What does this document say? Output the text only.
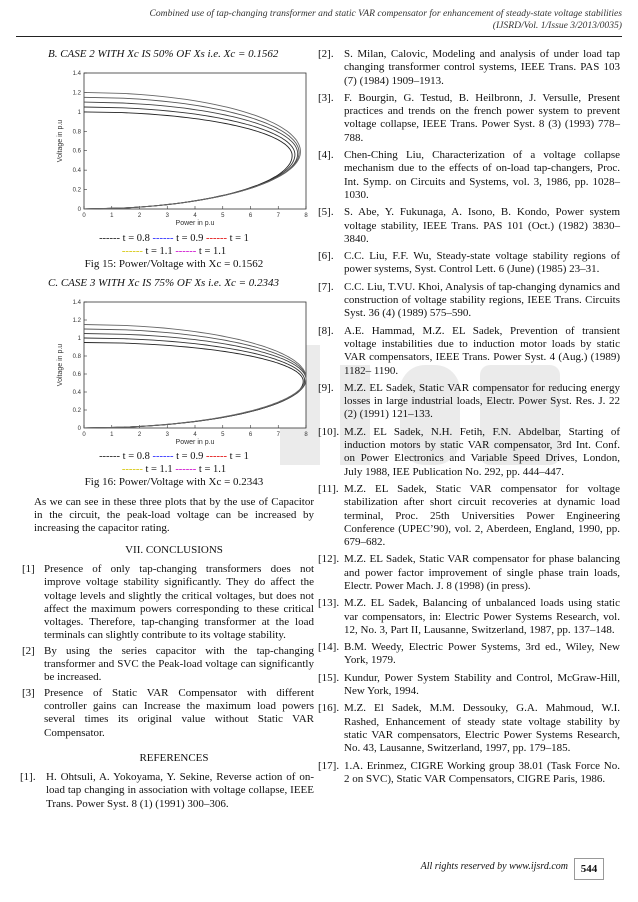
Combined use of tap-changing transformer and static VAR compensator for enhancement of steady-state voltage stabilities
(IJSRD/Vol. 1/Issue 3/2013/0035)
B. CASE 2 WITH Xc IS 50% OF Xs i.e. Xc = 0.1562
0	1	2	3	4	5	6	7	8
0
0.2
0.4
0.6
0.8
1
1.2
1.4
Power in p.u
Voltage in p.u
------ t = 0.8 ------ t = 0.9 ------ t = 1
------ t = 1.1 ------ t = 1.1
Fig 15: Power/Voltage with Xc = 0.1562
C. CASE 3 WITH Xc IS 75% OF Xs i.e. Xc = 0.2343
0	1	2	3	4	5	6	7	8
0
0.2
0.4
0.6
0.8
1
1.2
1.4
Power in p.u
Voltage in p.u
------ t = 0.8 ------ t = 0.9 ------ t = 1
------ t = 1.1 ------ t = 1.1
Fig 16: Power/Voltage with Xc = 0.2343

As we can see in these three plots that by the use of Capacitor in the circuit, the peak-load voltage can be increased by increasing the capacitor rating.

VII. CONCLUSIONS
[1] Presence of only tap-changing transformers does not improve voltage stability significantly. They do affect the voltage levels and slightly the critical voltages, but does not affect the maximum powers corresponding to these critical voltages. Therefore, tap-changing transformer at the load terminals can slightly contribute to its voltage stability.
[2] By using the series capacitor with the tap-changing transformer and SVC the Peak-load voltage can significantly be increased.
[3] Presence of Static VAR Compensator with different controller gains can Increase the maximum load powers several times its original value without Static VAR Compensator.
REFERENCES
[1]. H. Ohtsuli, A. Yokoyama, Y. Sekine, Reverse action of on-load tap changing in association with voltage collapse, IEEE Trans. Power Syst. 8 (1) (1991) 300–306.
[2]. S. Milan, Calovic, Modeling and analysis of under load tap changing transformer control systems, IEEE Trans. PAS 103 (7) (1984) 1909–1913.
[3]. F. Bourgin, G. Testud, B. Heilbronn, J. Versulle, Present practices and trends on the french power system to prevent voltage collapse, IEEE Trans. Power Syst. 8 (3) (1993) 778–788.
[4]. Chen-Ching Liu, Characterization of a voltage collapse mechanism due to the effects of on-load tap-changers, Proc. Int. Symp. on Circuits and Systems, vol. 3, 1986, pp. 1028–1030.
[5]. S. Abe, Y. Fukunaga, A. Isono, B. Kondo, Power system voltage stability, IEEE Trans. PAS 101 (Oct.) (1982) 3830–3840.
[6]. C.C. Liu, F.F. Wu, Steady-state voltage stability regions of power systems, Syst. Control Lett. 6 (June) (1985) 23–31.
[7]. C.C. Liu, T.VU. Khoi, Analysis of tap-changing dynamics and construction of voltage stability regions, IEEE Trans. Circuits Syst. 36 (4) (1989) 575–590.
[8]. A.E. Hammad, M.Z. EL Sadek, Prevention of transient voltage instabilities due to induction motor loads by static VAR compensators, IEEE Trans. Power Syst. 4 (Aug.) (1989) 1182– 1190.
[9]. M.Z. EL Sadek, Static VAR compensator for reducing energy losses in large industrial loads, Electr. Power Syst. Res. J. 22 (2) (1991) 121–133.
[10]. M.Z. EL Sadek, N.H. Fetih, F.N. Abdelbar, Starting of induction motors by static VAR compensator, 3rd Int. Conf. on Power Electronics and Variable Speed Drives, London, July 1988, IEE Publication No. 292, pp. 444–447.
[11]. M.Z. EL Sadek, Static VAR compensator for voltage stabilization after short circuit recoveries at dynamic load terminal, Proc. 25th Universities Power Engineering Conference (UPEC’90), vol. 2, Aberdeen, England, 1990, pp. 679–682.
[12]. M.Z. EL Sadek, Static VAR compensator for phase balancing and power factor improvement of single phase train loads, Electr. Power Mach. J. 8 (1998) (in press).
[13]. M.Z. EL Sadek, Balancing of unbalanced loads using static var compensators, in: Electric Power Systems Research, vol. 12, No. 3, Part II, Lausanne, Switzerland, 1987, pp. 137–148.
[14]. B.M. Weedy, Electric Power Systems, 3rd ed., Wiley, New York, 1979.
[15]. Kundur, Power System Stability and Control, McGraw-Hill, New York, 1994.
[16]. M.Z. El Sadek, M.M. Dessouky, G.A. Mahmoud, W.I. Rashed, Enhancement of steady state voltage stability by static VAR compensators, Electric Power Systems Research, No. 43, Lausanne, Switzerland, 1997, pp. 179–185.
[17]. 1.A. Erinmez, CIGRE Working group 38.01 (Task Force No. 2 on SVC), Static VAR Compensators, CIGRE Paris, 1986.
All rights reserved by www.ijsrd.com	544
